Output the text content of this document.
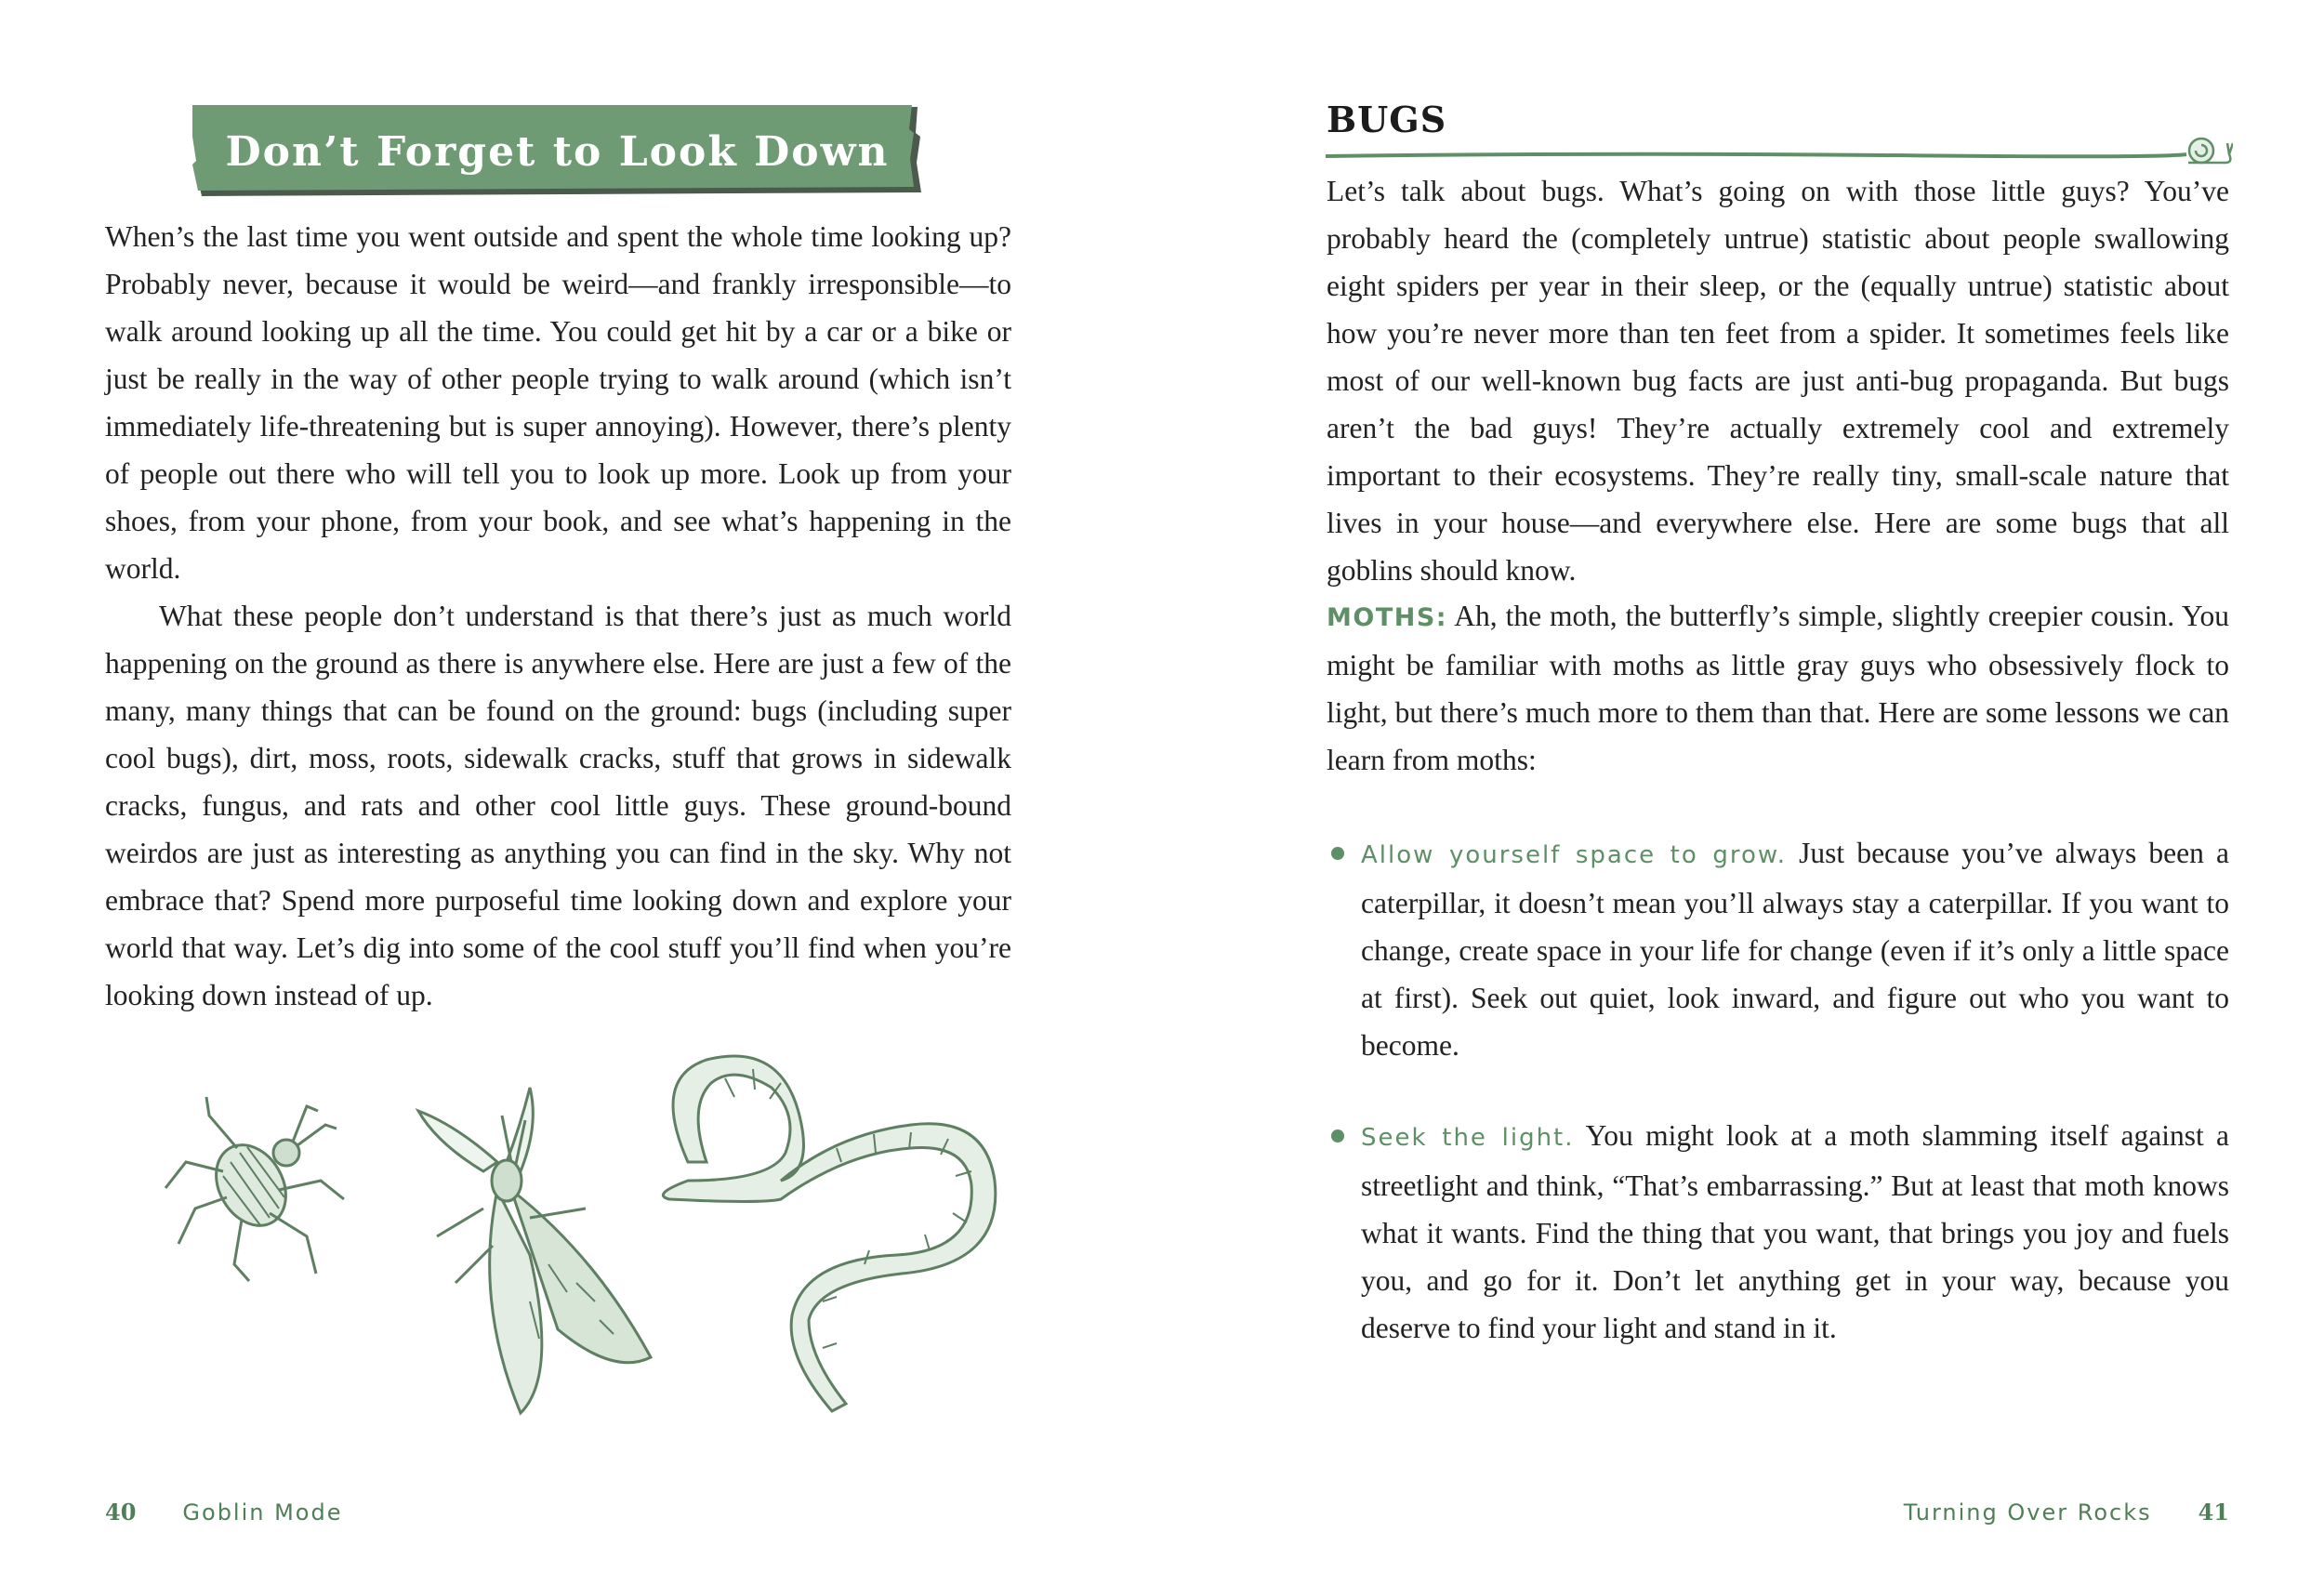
Don’t Forget to Look Down

When’s the last time you went outside and spent the whole time looking up? Probably never, because it would be weird—and frankly irresponsible—to walk around looking up all the time. You could get hit by a car or a bike or just be really in the way of other people trying to walk around (which isn’t immediately life-threatening but is super annoying). However, there’s plenty of people out there who will tell you to look up more. Look up from your shoes, from your phone, from your book, and see what’s happening in the world.

What these people don’t understand is that there’s just as much world happening on the ground as there is anywhere else. Here are just a few of the many, many things that can be found on the ground: bugs (including super cool bugs), dirt, moss, roots, sidewalk cracks, stuff that grows in sidewalk cracks, fungus, and rats and other cool little guys. These ground-bound weirdos are just as interesting as anything you can find in the sky. Why not embrace that? Spend more purposeful time looking down and explore your world that way. Let’s dig into some of the cool stuff you’ll find when you’re looking down instead of up.

40 Goblin Mode
BUGS

Let’s talk about bugs. What’s going on with those little guys? You’ve probably heard the (completely untrue) statistic about people swallowing eight spiders per year in their sleep, or the (equally untrue) statistic about how you’re never more than ten feet from a spider. It sometimes feels like most of our well-known bug facts are just anti-bug propaganda. But bugs aren’t the bad guys! They’re actually extremely cool and extremely important to their ecosystems. They’re really tiny, small-scale nature that lives in your house—and everywhere else. Here are some bugs that all goblins should know.

MOTHS: Ah, the moth, the butterfly’s simple, slightly creepier cousin. You might be familiar with moths as little gray guys who obsessively flock to light, but there’s much more to them than that. Here are some lessons we can learn from moths:
Allow yourself space to grow. Just because you’ve always been a caterpillar, it doesn’t mean you’ll always stay a caterpillar. If you want to change, create space in your life for change (even if it’s only a little space at first). Seek out quiet, look inward, and figure out who you want to become.
Seek the light. You might look at a moth slamming itself against a streetlight and think, “That’s embarrassing.” But at least that moth knows what it wants. Find the thing that you want, that brings you joy and fuels you, and go for it. Don’t let anything get in your way, because you deserve to find your light and stand in it.
Turning Over Rocks 41
